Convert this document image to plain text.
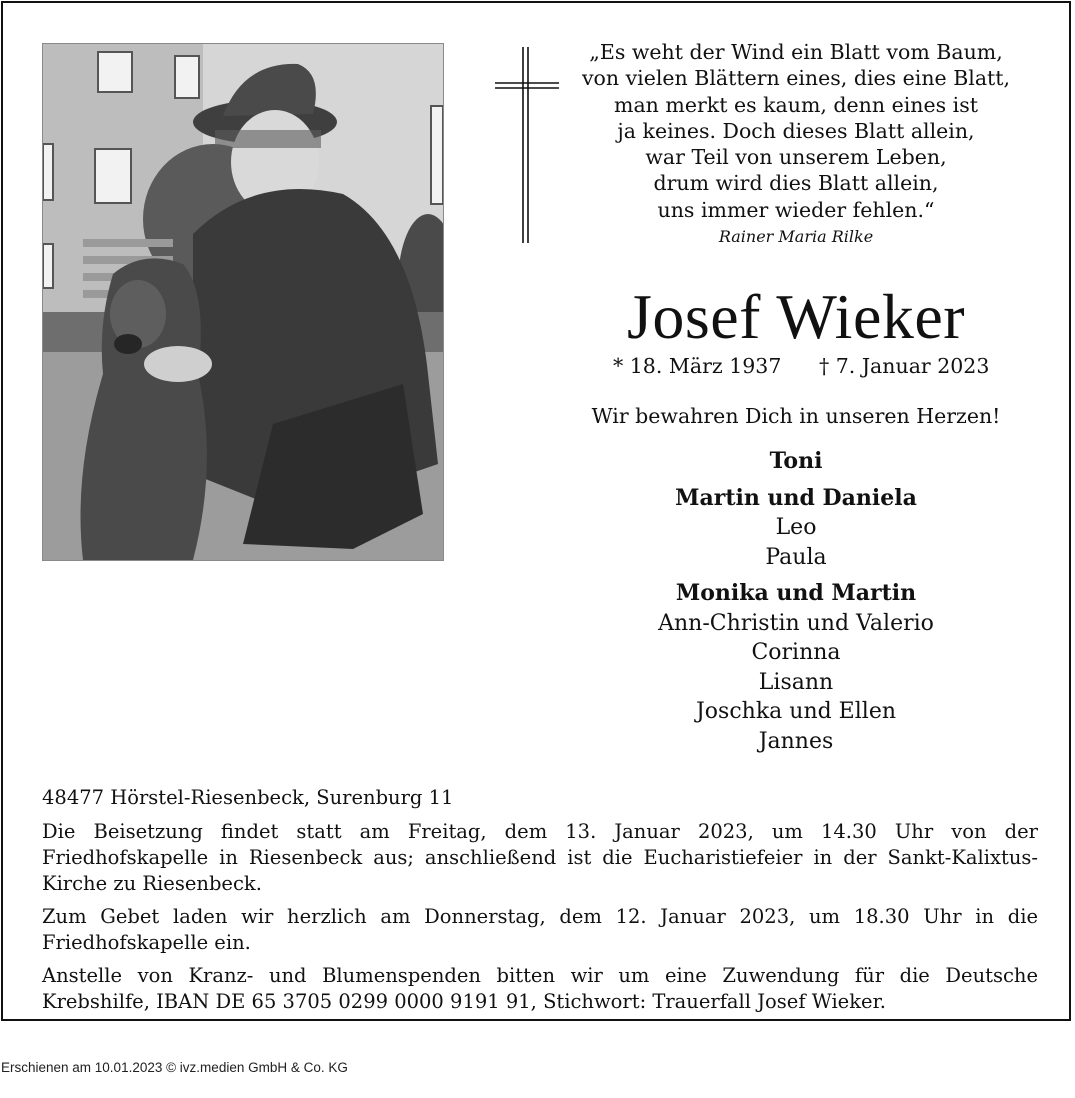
„Es weht der Wind ein Blatt vom Baum,
von vielen Blättern eines, dies eine Blatt,
man merkt es kaum, denn eines ist
ja keines. Doch dieses Blatt allein,
war Teil von unserem Leben,
drum wird dies Blatt allein,
uns immer wieder fehlen.“
Rainer Maria Rilke
Josef Wieker
* 18. März 1937 † 7. Januar 2023
Wir bewahren Dich in unseren Herzen!
Toni
Martin und Daniela
Leo
Paula
Monika und Martin
Ann-Christin und Valerio
Corinna
Lisann
Joschka und Ellen
Jannes

48477 Hörstel-Riesenbeck, Surenburg 11

Die Beisetzung findet statt am Freitag, dem 13. Januar 2023, um 14.30 Uhr von der Friedhofskapelle in Riesenbeck aus; anschließend ist die Eucharistiefeier in der Sankt-Kalixtus-Kirche zu Riesenbeck.

Zum Gebet laden wir herzlich am Donnerstag, dem 12. Januar 2023, um 18.30 Uhr in die Friedhofskapelle ein.

Anstelle von Kranz- und Blumenspenden bitten wir um eine Zuwendung für die Deutsche Krebshilfe, IBAN DE 65 3705 0299 0000 9191 91, Stichwort: Trauerfall Josef Wieker.

Erschienen am 10.01.2023 © ivz.medien GmbH & Co. KG
